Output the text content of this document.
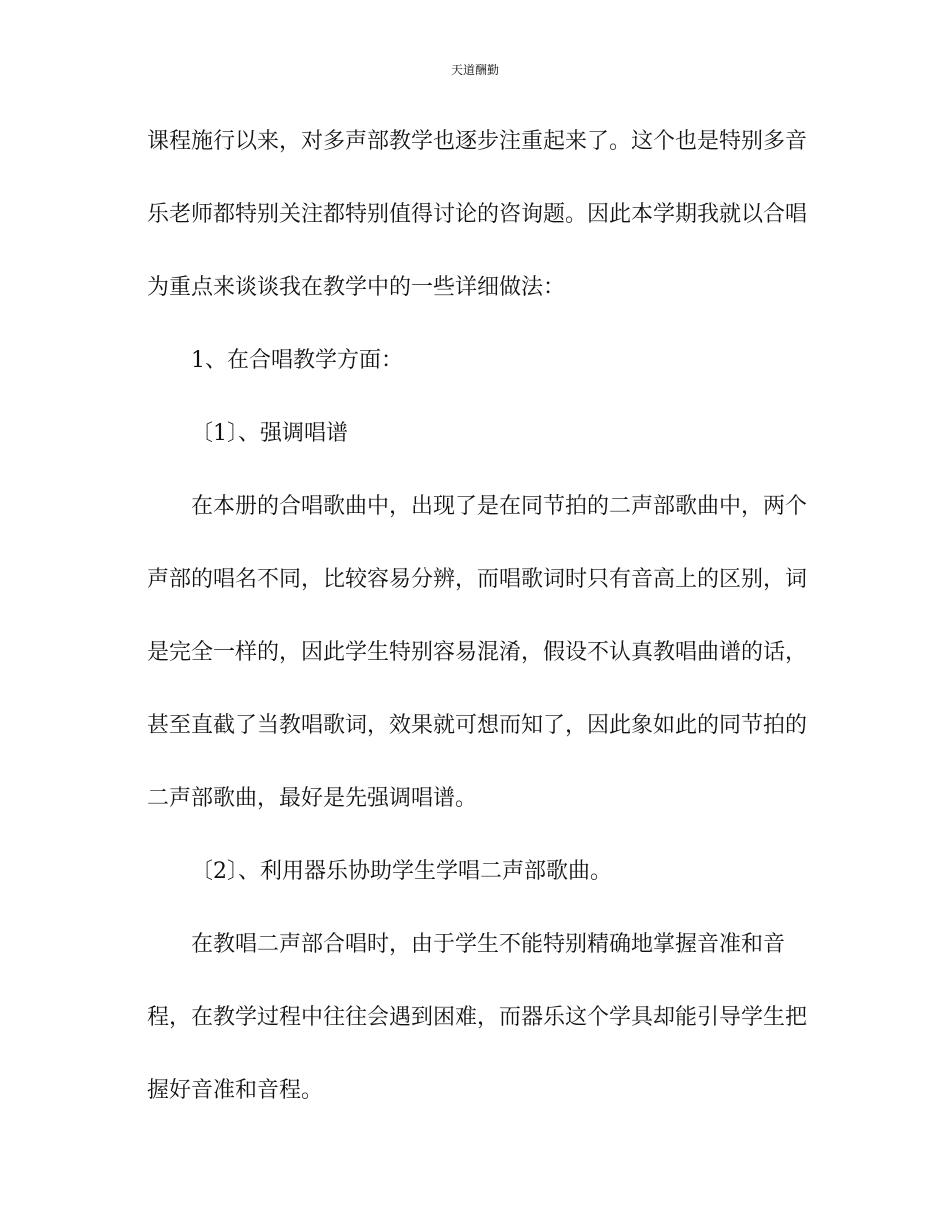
天道酬勤
课程施行以来，对多声部教学也逐步注重起来了。这个也是特别多音
乐老师都特别关注都特别值得讨论的咨询题。因此本学期我就以合唱
为重点来谈谈我在教学中的一些详细做法：
1、在合唱教学方面：
〔1〕、强调唱谱
在本册的合唱歌曲中，出现了是在同节拍的二声部歌曲中，两个
声部的唱名不同，比较容易分辨，而唱歌词时只有音高上的区别，词
是完全一样的，因此学生特别容易混淆，假设不认真教唱曲谱的话，
甚至直截了当教唱歌词，效果就可想而知了，因此象如此的同节拍的
二声部歌曲，最好是先强调唱谱。
〔2〕、利用器乐协助学生学唱二声部歌曲。
在教唱二声部合唱时，由于学生不能特别精确地掌握音准和音
程，在教学过程中往往会遇到困难，而器乐这个学具却能引导学生把
握好音准和音程。
